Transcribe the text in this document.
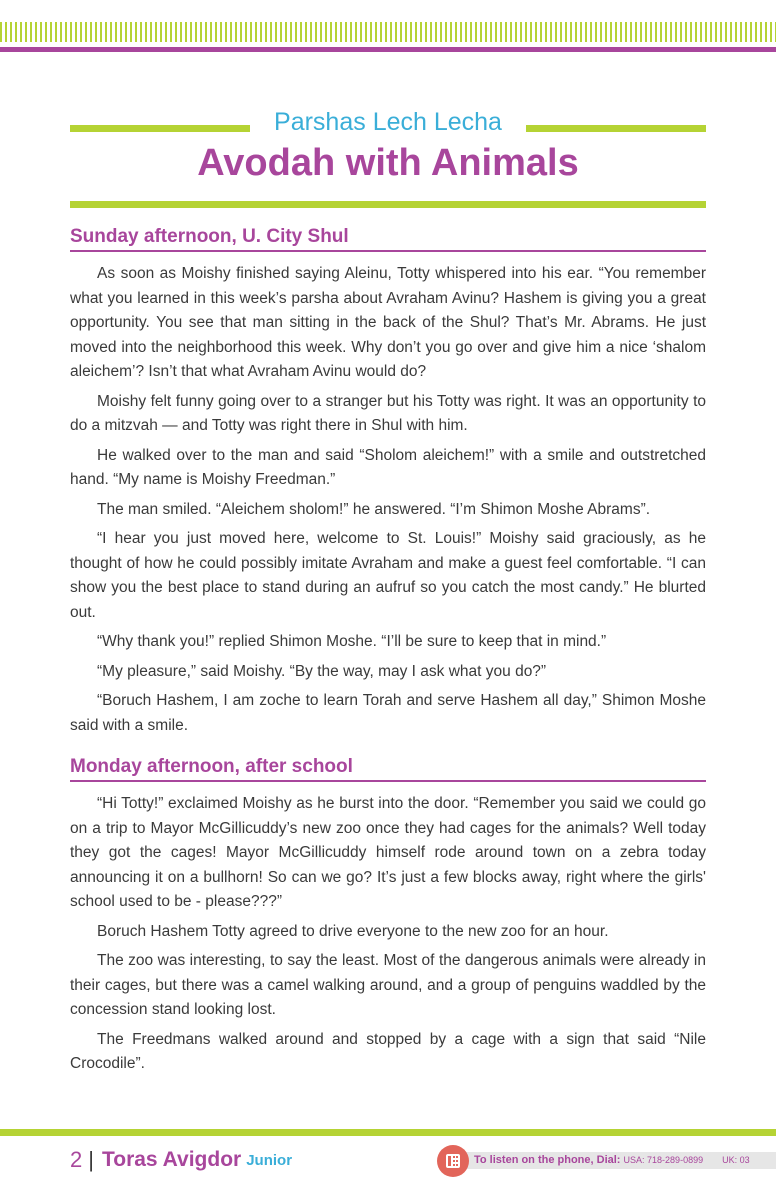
Parshas Lech Lecha
Avodah with Animals
Sunday afternoon, U. City Shul

As soon as Moishy finished saying Aleinu, Totty whispered into his ear. “You remember what you learned in this week’s parsha about Avraham Avinu? Hashem is giving you a great opportunity. You see that man sitting in the back of the Shul? That’s Mr. Abrams. He just moved into the neighborhood this week. Why don’t you go over and give him a nice ‘shalom aleichem’? Isn’t that what Avraham Avinu would do?

Moishy felt funny going over to a stranger but his Totty was right. It was an opportunity to do a mitzvah — and Totty was right there in Shul with him.

He walked over to the man and said “Sholom aleichem!” with a smile and outstretched hand. “My name is Moishy Freedman.”

The man smiled. “Aleichem sholom!” he answered. “I’m Shimon Moshe Abrams”.

“I hear you just moved here, welcome to St. Louis!” Moishy said graciously, as he thought of how he could possibly imitate Avraham and make a guest feel comfortable. “I can show you the best place to stand during an aufruf so you catch the most candy.” He blurted out.

“Why thank you!” replied Shimon Moshe. “I’ll be sure to keep that in mind.”

“My pleasure,” said Moishy. “By the way, may I ask what you do?”

“Boruch Hashem, I am zoche to learn Torah and serve Hashem all day,” Shimon Moshe said with a smile.

Monday afternoon, after school

“Hi Totty!” exclaimed Moishy as he burst into the door. “Remember you said we could go on a trip to Mayor McGillicuddy’s new zoo once they had cages for the animals? Well today they got the cages! Mayor McGillicuddy himself rode around town on a zebra today announcing it on a bullhorn! So can we go? It’s just a few blocks away, right where the girls' school used to be - please???”

Boruch Hashem Totty agreed to drive everyone to the new zoo for an hour.

The zoo was interesting, to say the least. Most of the dangerous animals were already in their cages, but there was a camel walking around, and a group of penguins waddled by the concession stand looking lost.

The Freedmans walked around and stopped by a cage with a sign that said “Nile Crocodile”.

2 | Toras Avigdor Junior	To listen on the phone, Dial: USA: 718-289-0899 UK: 03
